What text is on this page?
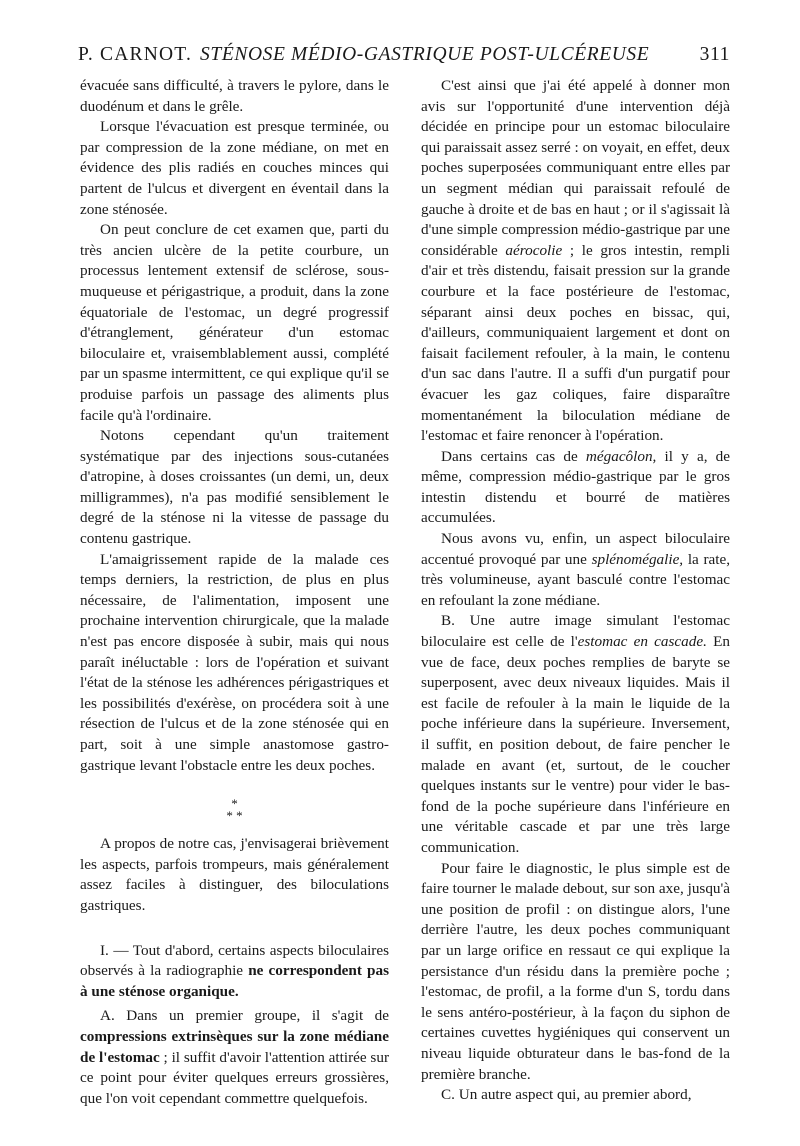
P. CARNOT. STÉNOSE MÉDIO-GASTRIQUE POST-ULCÉREUSE	311

évacuée sans difficulté, à travers le pylore, dans le duodénum et dans le grêle.

Lorsque l'évacuation est presque terminée, ou par compression de la zone médiane, on met en évidence des plis radiés en couches minces qui partent de l'ulcus et divergent en éventail dans la zone sténosée.

On peut conclure de cet examen que, parti du très ancien ulcère de la petite courbure, un processus lentement extensif de sclérose, sous-muqueuse et périgastrique, a produit, dans la zone équatoriale de l'estomac, un degré progressif d'étranglement, générateur d'un estomac biloculaire et, vraisemblablement aussi, complété par un spasme intermittent, ce qui explique qu'il se produise parfois un passage des aliments plus facile qu'à l'ordinaire.

Notons cependant qu'un traitement systématique par des injections sous-cutanées d'atropine, à doses croissantes (un demi, un, deux milligrammes), n'a pas modifié sensiblement le degré de la sténose ni la vitesse de passage du contenu gastrique.

L'amaigrissement rapide de la malade ces temps derniers, la restriction, de plus en plus nécessaire, de l'alimentation, imposent une prochaine intervention chirurgicale, que la malade n'est pas encore disposée à subir, mais qui nous paraît inéluctable : lors de l'opération et suivant l'état de la sténose les adhérences périgastriques et les possibilités d'exérèse, on procédera soit à une résection de l'ulcus et de la zone sténosée qui en part, soit à une simple anastomose gastro-gastrique levant l'obstacle entre les deux poches.

*
* *

A propos de notre cas, j'envisagerai brièvement les aspects, parfois trompeurs, mais généralement assez faciles à distinguer, des biloculations gastriques.

I. — Tout d'abord, certains aspects biloculaires observés à la radiographie ne correspondent pas à une sténose organique.

A. Dans un premier groupe, il s'agit de compressions extrinsèques sur la zone médiane de l'estomac ; il suffit d'avoir l'attention attirée sur ce point pour éviter quelques erreurs grossières, que l'on voit cependant commettre quelquefois.

C'est ainsi que j'ai été appelé à donner mon avis sur l'opportunité d'une intervention déjà décidée en principe pour un estomac biloculaire qui paraissait assez serré : on voyait, en effet, deux poches superposées communiquant entre elles par un segment médian qui paraissait refoulé de gauche à droite et de bas en haut ; or il s'agissait là d'une simple compression médio-gastrique par une considérable aérocolie ; le gros intestin, rempli d'air et très distendu, faisait pression sur la grande courbure et la face postérieure de l'estomac, séparant ainsi deux poches en bissac, qui, d'ailleurs, communiquaient largement et dont on faisait facilement refouler, à la main, le contenu d'un sac dans l'autre. Il a suffi d'un purgatif pour évacuer les gaz coliques, faire disparaître momentanément la biloculation médiane de l'estomac et faire renoncer à l'opération.

Dans certains cas de mégacôlon, il y a, de même, compression médio-gastrique par le gros intestin distendu et bourré de matières accumulées.

Nous avons vu, enfin, un aspect biloculaire accentué provoqué par une splénomégalie, la rate, très volumineuse, ayant basculé contre l'estomac en refoulant la zone médiane.

B. Une autre image simulant l'estomac biloculaire est celle de l'estomac en cascade. En vue de face, deux poches remplies de baryte se superposent, avec deux niveaux liquides. Mais il est facile de refouler à la main le liquide de la poche inférieure dans la supérieure. Inversement, il suffit, en position debout, de faire pencher le malade en avant (et, surtout, de le coucher quelques instants sur le ventre) pour vider le bas-fond de la poche supérieure dans l'inférieure en une véritable cascade et par une très large communication.

Pour faire le diagnostic, le plus simple est de faire tourner le malade debout, sur son axe, jusqu'à une position de profil : on distingue alors, l'une derrière l'autre, les deux poches communiquant par un large orifice en ressaut ce qui explique la persistance d'un résidu dans la première poche ; l'estomac, de profil, a la forme d'un S, tordu dans le sens antéro-postérieur, à la façon du siphon de certaines cuvettes hygiéniques qui conservent un niveau liquide obturateur dans le bas-fond de la première branche.

C. Un autre aspect qui, au premier abord,
